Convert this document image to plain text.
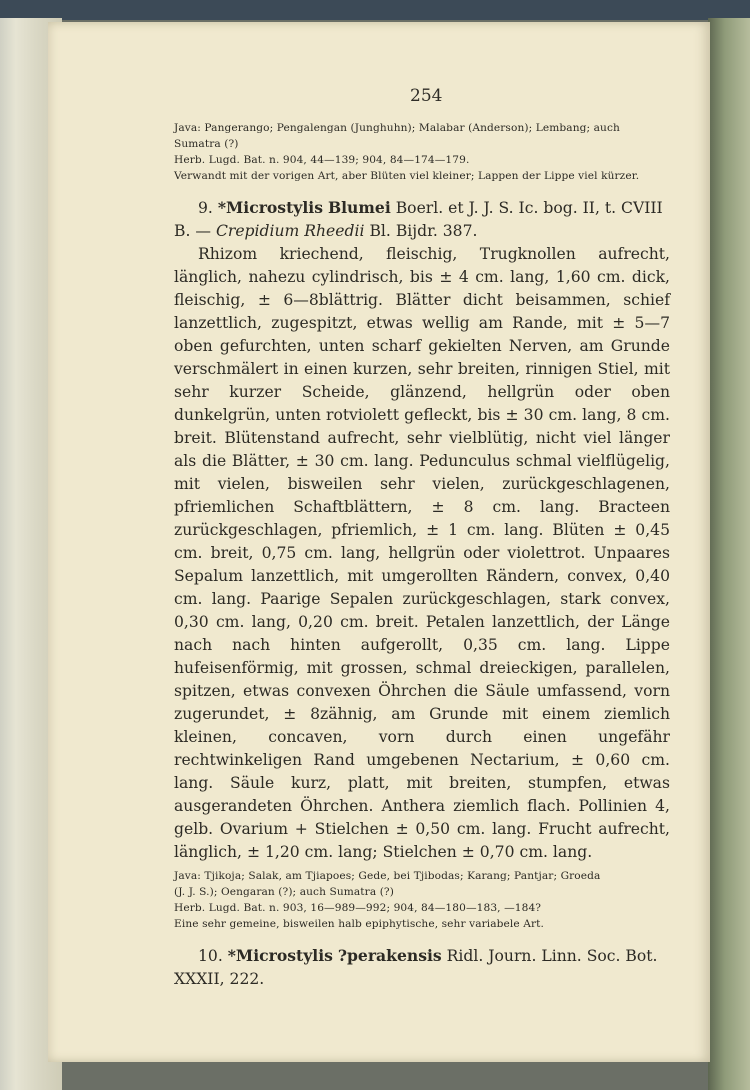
254

Java: Pangerango; Pengalengan (Junghuhn); Malabar (Anderson); Lembang; auch

Sumatra (?)

Herb. Lugd. Bat. n. 904, 44—139; 904, 84—174—179.

Verwandt mit der vorigen Art, aber Blüten viel kleiner; Lappen der Lippe viel kürzer.

9. *Microstylis Blumei Boerl. et J. J. S. Ic. bog. II, t. CVIII B. — Crepidium Rheedii Bl. Bijdr. 387.

Rhizom kriechend, fleischig, Trugknollen aufrecht, länglich, nahezu cylindrisch, bis ± 4 cm. lang, 1,60 cm. dick, fleischig, ± 6—8blättrig. Blätter dicht beisammen, schief lanzettlich, zugespitzt, etwas wellig am Rande, mit ± 5—7 oben gefurchten, unten scharf gekielten Nerven, am Grunde verschmälert in einen kurzen, sehr breiten, rinnigen Stiel, mit sehr kurzer Scheide, glänzend, hellgrün oder oben dunkelgrün, unten rotviolett gefleckt, bis ± 30 cm. lang, 8 cm. breit. Blütenstand aufrecht, sehr vielblütig, nicht viel länger als die Blätter, ± 30 cm. lang. Pedunculus schmal vielflügelig, mit vielen, bisweilen sehr vielen, zurückgeschlagenen, pfriemlichen Schaftblättern, ± 8 cm. lang. Bracteen zurückgeschlagen, pfriemlich, ± 1 cm. lang. Blüten ± 0,45 cm. breit, 0,75 cm. lang, hellgrün oder violettrot. Unpaares Sepalum lanzettlich, mit umgerollten Rändern, convex, 0,40 cm. lang. Paarige Sepalen zurückgeschlagen, stark convex, 0,30 cm. lang, 0,20 cm. breit. Petalen lanzettlich, der Länge nach nach hinten aufgerollt, 0,35 cm. lang. Lippe hufeisenförmig, mit grossen, schmal dreieckigen, parallelen, spitzen, etwas convexen Öhrchen die Säule umfassend, vorn zugerundet, ± 8zähnig, am Grunde mit einem ziemlich kleinen, concaven, vorn durch einen ungefähr rechtwinkeligen Rand umgebenen Nectarium, ± 0,60 cm. lang. Säule kurz, platt, mit breiten, stumpfen, etwas ausgerandeten Öhrchen. Anthera ziemlich flach. Pollinien 4, gelb. Ovarium + Stielchen ± 0,50 cm. lang. Frucht aufrecht, länglich, ± 1,20 cm. lang; Stielchen ± 0,70 cm. lang.

Java: Tjikoja; Salak, am Tjiapoes; Gede, bei Tjibodas; Karang; Pantjar; Groeda

(J. J. S.); Oengaran (?); auch Sumatra (?)

Herb. Lugd. Bat. n. 903, 16—989—992; 904, 84—180—183, —184?

Eine sehr gemeine, bisweilen halb epiphytische, sehr variabele Art.

10. *Microstylis ?perakensis Ridl. Journ. Linn. Soc. Bot. XXXII, 222.
